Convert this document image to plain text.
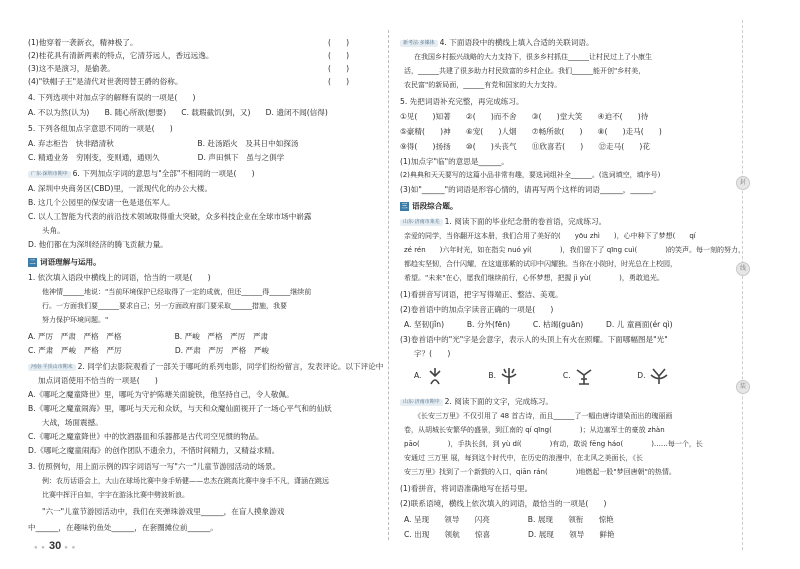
(1)他穿着一袭新衣，精神极了。
(2)桂花具有清新两素的特点，它清芬远人，香远远逸。
(3)这不是演习，是偷袭。
(4)"铁帽子王"是清代对世袭罔替王爵的俗称。
(　　)
(　　)
(　　)
(　　)
4. 下列选项中对加点字的解释有误的一项是(　　)
A. 不以为然(认为)　　B. 随心所欲(想要)　　C. 载瑕截饥(到，又)　　D. 遗闭不闻(信得)
5. 下列各组加点字意思不同的一项是(　　)
A. 弃志柜告　快非踏清秋　　　　　　　　　　　B. 赴汤蹈火　及其日中如探汤
C. 精通业务　穷刚变，变则通，通则久　　　　　D. 声田惧下　虽与之俱学
广东·深圳市期中 6. 下列加点字词的意思与"全部"不相同的一项是(　　)
A. 深圳中央商务区(CBD)里，一派现代化的办公大楼。
B. 这几个公园里的保安诸一色是退伍军人。
C. 以人工智能为代表的前沿技术领域取得重大突破，众多科技企业在全球市场中崭露
头角。
D. 他们都在为深圳经济的腾飞贡献力量。
二 词语理解与运用。
1. 依次填入语段中横线上的词语，恰当的一项是(　　)
他神情______地说："当前环境保护已经取得了一定的成就，但还______得______继续前
行。一方面我们要______要求自己；另一方面政府部门要采取______措施，我要
努力保护环境问题。"
A. 严厉　严肃　严格　严格　　　　　　　B. 严峻　严格　严厉　严肃
C. 严肃　严峻　严格　严厉　　　　　　　D. 严肃　严厉　严格　严峻
河南·平顶山市期末 2. 同学们去影院观看了一部关于哪吒的系列电影，同学们纷纷留言，发表评论。以下评论中
加点词语使用不恰当的一项是(　　)
A.《哪吒之魔童降世》里，哪吒为守护陈塘关面貌铁，他坚持自己，令人敬佩。
B.《哪吒之魔童闹海》里，哪吒与天元和众妖，与天和众魔仙面视开了一场心平气和的仙妖
大战，场面震撼。
C.《哪吒之魔童降世》中的饮酒器皿和乐器都是古代司空见惯的物品。
D.《哪吒之魔童闹海》的创作团队不遗余力，不惜时间精力，又精益求精。
3. 仿照例句，用上面示例的四字词语写一写"六一"儿童节游园活动的场景。
例：农历话语会上，大山在球场比赛中身手矫健——忠杰在跳高比赛中身手不凡，潇涵在跳远
比赛中挥汗自如，宇宇在游泳比赛中劈波斩浪。
"六一"儿童节游园活动中，我们在夹弹珠游戏里______，在盲人摸象游戏
中______，在趣味钓鱼处______，在套圈摊位前______。
新考法·多媒体 4. 下面语段中的横线上填入合适的关联词语。
在我国乡村振兴战略的大力支持下，很多乡村抓住______让村民过上了小康生
活，______共建了很多助力村民致富的乡村企业。我们______能开创"乡村美，
农民富"的新局面，______有党和国家的大力支持。
5. 先把词语补充完整，再完成练习。
①见(　　)知著　　②(　　)而不舍　　③(　　)堂大笑　　④迫不(　　)待
⑤豪精(　　)神　　⑥宠(　　)人烟　　⑦畅所欲(　　)　　⑧(　　)走马(　　)
⑨得(　　)扬扬　　⑩(　　)头丧气　　⑪欣喜若(　　)　　⑫走马(　　)花
(1)加点字"临"的意思是______。
(2)典典和天天要写的这篇小品非常有趣，要选词组补全______。(选词填空，填序号)
(3)如"______"的词语是形容心情的，请再写两个这样的词语______，______。
三 语段综合题。
山东·济南市莱芜 1. 阅读下面的毕业纪念册的卷首语，完成练习。
亲爱的同学，当你翻开这本册，我们合用了美好的(　　yōu zhì　　)，心中种下了梦想(　　qí
zé rén　　)六年时光，如在指尖 nuó yí(　　　　)，我们留下了 qīng cuì(　　　　)的笑声。每一刻的努力，
都趋实坚韧，合什闪耀，在这道那紫的试印中闪耀独。当你在小院时，时光总在上校园，
希望。"未来"在心，愿我们继续前行，心怀梦想，把握 jì yù(　　　　)，勇敢追光。
(1)看拼音写词语，把字写得端正、整洁、美观。
(2)卷首语中的加点字读音正确的一项是(　　)
A. 坚韧(jǐn)　　　B. 分外(fēn)　　　C. 枯竭(guān)　　　D. 儿 童画面(ér qì)
(3)卷首语中的"光"字是会意字，表示人的头顶上有火在照耀。下面哪幅图是"光"
字？(　　)
A.	B.	C.	D.
山东·济南市期中 2. 阅读下面的文字，完成练习。
《长安三万里》不仅引用了 48 首古诗，而且______了一幅由唐诗谱染而出的瑰丽画
卷，从胡城长安繁华的盛景，到江南的 qí qīng(　　　　)；从边塞军士的豪放 zhàn
pāo(　　　　)，手执长剑，到 yù dí(　　　　)有动，敢说 fēng háo(　　　　)……每一个，长
安通过 三万里 展，每到这个时代中，在历史的浪漫中，在北风之美面长，《长
安三万里》找到了一个新鼓的入口，qiān rán(　　　　)地燃起一股"梦回唐朝"的热情。
(1)看拼音，将词语准确地写在括号里。
(2)联系语境，横线上依次填入的词语，最恰当的一项是(　　)
A. 呈现　　领导　　闪亮　　　　　B. 展现　　领衔　　惊艳
C. 出现　　领航　　惊喜　　　　　D. 展现　　领导　　鲜艳
封
线
装
● ● 30 ● ●
